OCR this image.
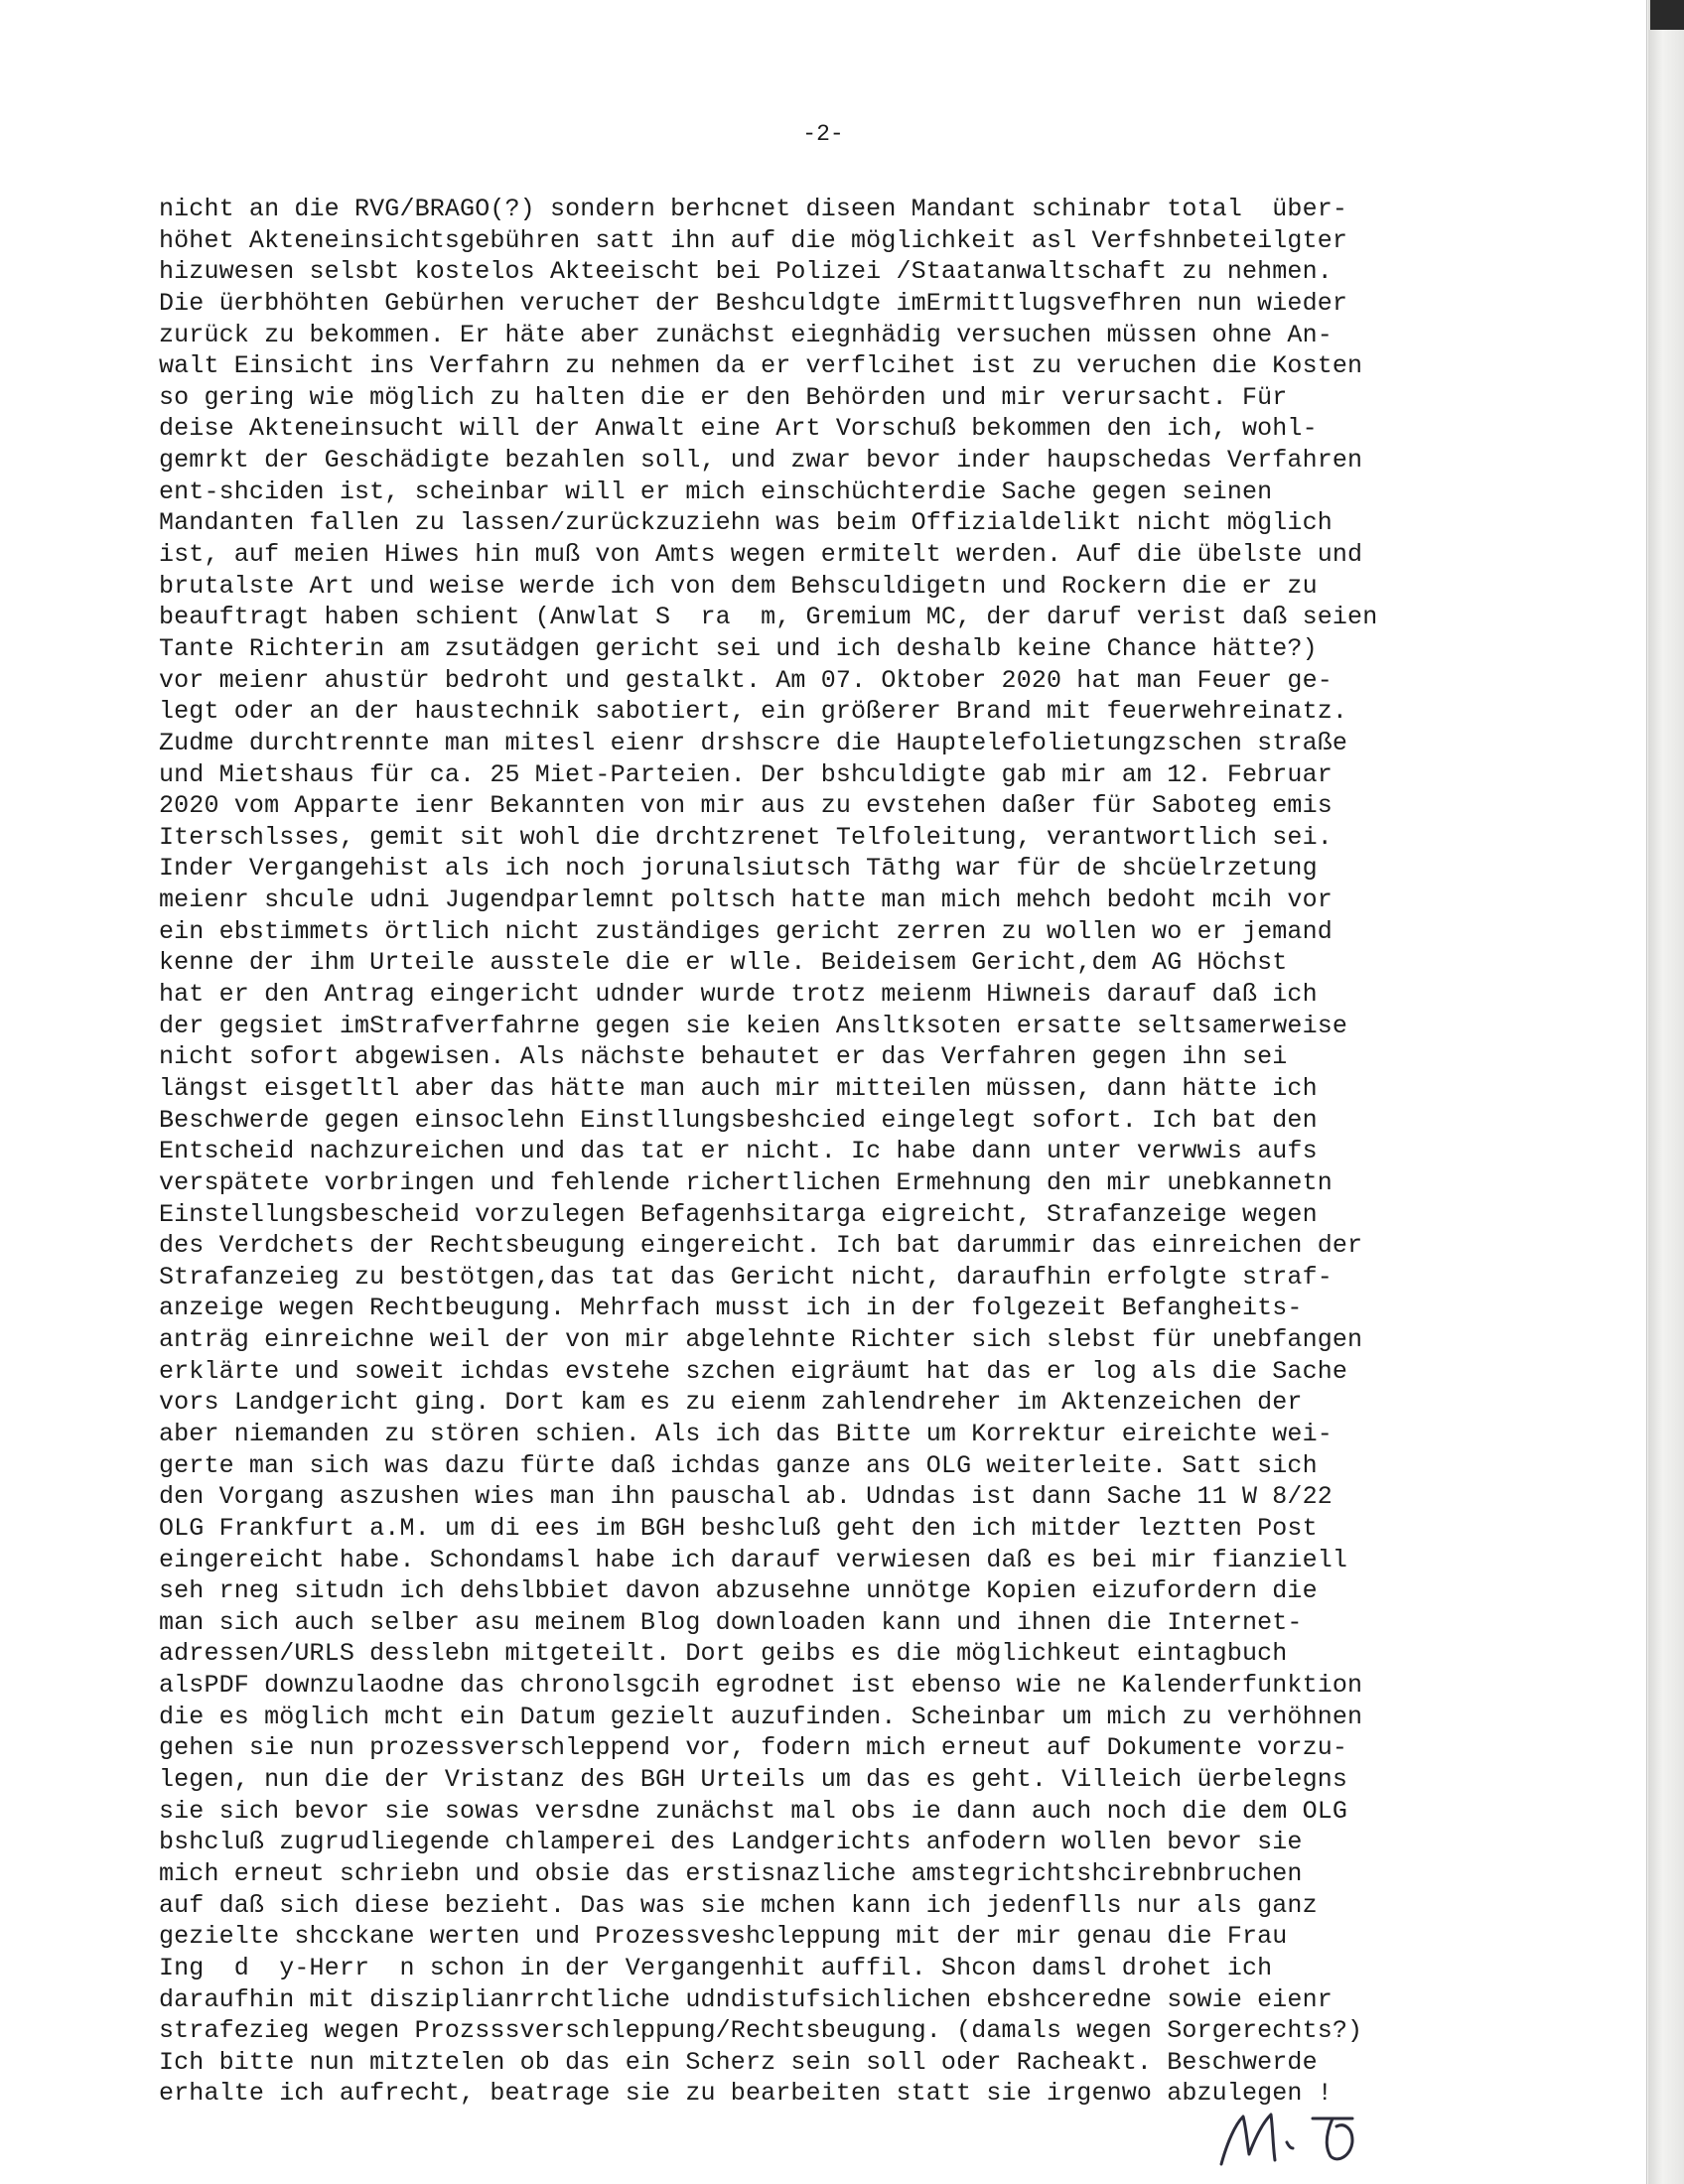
-2-
nicht an die RVG/BRAGO(?) sondern berhcnet diseen Mandant schinabr total  über-
höhet Akteneinsichtsgebühren satt ihn auf die möglichkeit asl Verfshnbeteilgter
hizuwesen selsbt kostelos Akteeischt bei Polizei /Staatanwaltschaft zu nehmen.
Die üerbhöhten Gebürhen veruchет der Beshculdgte imErmittlugsvefhren nun wieder
zurück zu bekommen. Er häte aber zunächst eiegnhädig versuchen müssen ohne An-
walt Einsicht ins Verfahrn zu nehmen da er verflcihet ist zu veruchen die Kosten
so gering wie möglich zu halten die er den Behörden und mir verursacht. Für
deise Akteneinsucht will der Anwalt eine Art Vorschuß bekommen den ich, wohl-
gemrkt der Geschädigte bezahlen soll, und zwar bevor inder haupschedas Verfahren
ent-shciden ist, scheinbar will er mich einschüchterdie Sache gegen seinen
Mandanten fallen zu lassen/zurückzuziehn was beim Offizialdelikt nicht möglich
ist, auf meien Hiwes hin muß von Amts wegen ermitelt werden. Auf die übelste und
brutalste Art und weise werde ich von dem Behsculdigetn und Rockern die er zu
beauftragt haben schient (Anwlat S  ra  m, Gremium MC, der daruf verist daß seien
Tante Richterin am zsutädgen gericht sei und ich deshalb keine Chance hätte?)
vor meienr ahustür bedroht und gestalkt. Am 07. Oktober 2020 hat man Feuer ge-
legt oder an der haustechnik sabotiert, ein größerer Brand mit feuerwehreinatz.
Zudme durchtrennte man mitesl eienr drshscre die Hauptelefolietungzschen straße
und Mietshaus für ca. 25 Miet-Parteien. Der bshculdigte gab mir am 12. Februar
2020 vom Apparte ienr Bekannten von mir aus zu evstehen daßer für Saboteg emis
Iterschlsses, gemit sit wohl die drchtzrenet Telfoleitung, verantwortlich sei.
Inder Vergangehist als ich noch jorunalsiutsch Tāthg war für de shcüelrzetung
meienr shcule udni Jugendparlemnt poltsch hatte man mich mehch bedoht mcih vor
ein ebstimmets örtlich nicht zuständiges gericht zerren zu wollen wo er jemand
kenne der ihm Urteile ausstele die er wlle. Beideisem Gericht,dem AG Höchst
hat er den Antrag eingericht udnder wurde trotz meienm Hiwneis darauf daß ich
der gegsiet imStrafverfahrne gegen sie keien Ansltksoten ersatte seltsamerweise
nicht sofort abgewisen. Als nächste behautet er das Verfahren gegen ihn sei
längst eisgetltl aber das hätte man auch mir mitteilen müssen, dann hätte ich
Beschwerde gegen einsoclehn Einstllungsbeshcied eingelegt sofort. Ich bat den
Entscheid nachzureichen und das tat er nicht. Ic habe dann unter verwwis aufs
verspätete vorbringen und fehlende richertlichen Ermehnung den mir unebkannetn
Einstellungsbescheid vorzulegen Befagenhsitarga eigreicht, Strafanzeige wegen
des Verdchets der Rechtsbeugung eingereicht. Ich bat darummir das einreichen der
Strafanzeieg zu bestötgen,das tat das Gericht nicht, daraufhin erfolgte straf-
anzeige wegen Rechtbeugung. Mehrfach musst ich in der folgezeit Befangheits-
anträg einreichne weil der von mir abgelehnte Richter sich slebst für unebfangen
erklärte und soweit ichdas evstehe szchen eigräumt hat das er log als die Sache
vors Landgericht ging. Dort kam es zu eienm zahlendreher im Aktenzeichen der
aber niemanden zu stören schien. Als ich das Bitte um Korrektur eireichte wei-
gerte man sich was dazu fürte daß ichdas ganze ans OLG weiterleite. Satt sich
den Vorgang aszushen wies man ihn pauschal ab. Udndas ist dann Sache 11 W 8/22
OLG Frankfurt a.M. um di ees im BGH beshcluß geht den ich mitder leztten Post
eingereicht habe. Schondamsl habe ich darauf verwiesen daß es bei mir fianziell
seh rneg situdn ich dehslbbiet davon abzusehne unnötge Kopien eizufordern die
man sich auch selber asu meinem Blog downloaden kann und ihnen die Internet-
adressen/URLS desslebn mitgeteilt. Dort geibs es die möglichkeut eintagbuch
alsPDF downzulaodne das chronolsgcih egrodnet ist ebenso wie ne Kalenderfunktion
die es möglich mcht ein Datum gezielt auzufinden. Scheinbar um mich zu verhöhnen
gehen sie nun prozessverschleppend vor, fodern mich erneut auf Dokumente vorzu-
legen, nun die der Vristanz des BGH Urteils um das es geht. Villeich üerbelegns
sie sich bevor sie sowas versdne zunächst mal obs ie dann auch noch die dem OLG
bshcluß zugrudliegende chlamperei des Landgerichts anfodern wollen bevor sie
mich erneut schriebn und obsie das erstisnazliche amstegrichtshcirebnbruchen
auf daß sich diese bezieht. Das was sie mchen kann ich jedenflls nur als ganz
gezielte shcckane werten und Prozessveshcleppung mit der mir genau die Frau
Ing  d  y-Herr  n schon in der Vergangenhit auffil. Shcon damsl drohet ich
daraufhin mit disziplianrrchtliche udndistufsichlichen ebshceredne sowie eienr
strafezieg wegen Prozsssverschleppung/Rechtsbeugung. (damals wegen Sorgerechts?)
Ich bitte nun mitztelen ob das ein Scherz sein soll oder Racheakt. Beschwerde
erhalte ich aufrecht, beatrage sie zu bearbeiten statt sie irgenwo abzulegen !
